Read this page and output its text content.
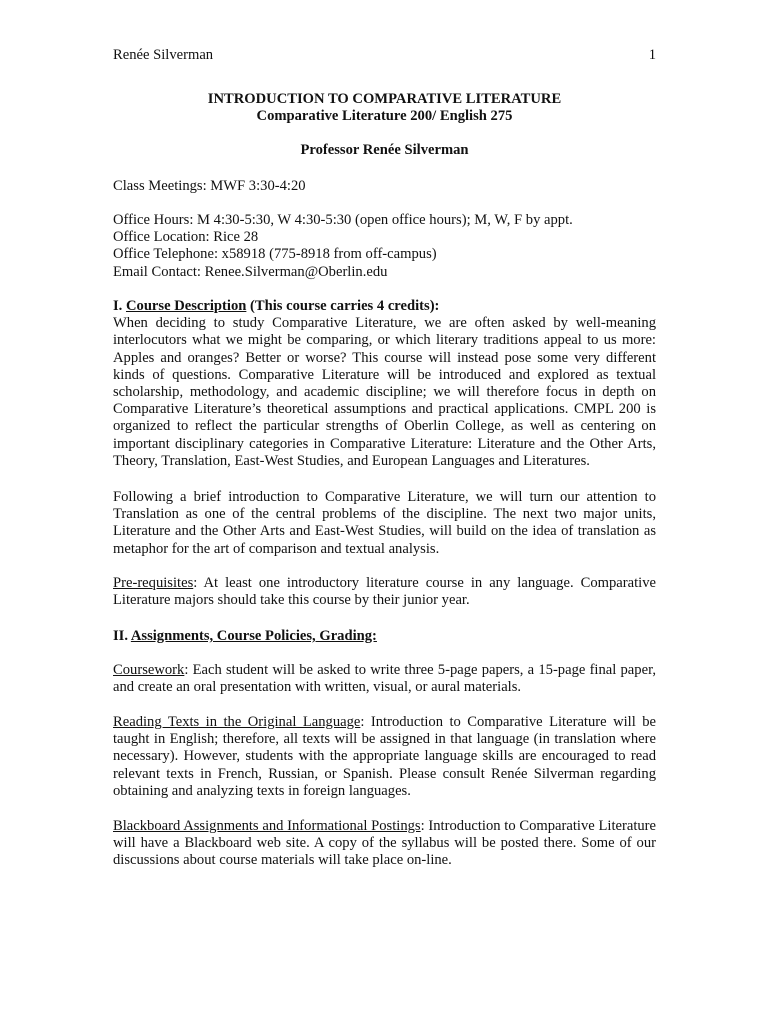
Renée Silverman	1
INTRODUCTION TO COMPARATIVE LITERATURE
Comparative Literature 200/ English 275
Professor Renée Silverman

Class Meetings: MWF 3:30-4:20

Office Hours: M 4:30-5:30, W 4:30-5:30 (open office hours); M, W, F by appt.

Office Location: Rice 28

Office Telephone: x58918 (775-8918 from off-campus)

Email Contact: Renee.Silverman@Oberlin.edu

I. Course Description (This course carries 4 credits):

When deciding to study Comparative Literature, we are often asked by well-meaning interlocutors what we might be comparing, or which literary traditions appeal to us more: Apples and oranges? Better or worse? This course will instead pose some very different kinds of questions. Comparative Literature will be introduced and explored as textual scholarship, methodology, and academic discipline; we will therefore focus in depth on Comparative Literature’s theoretical assumptions and practical applications. CMPL 200 is organized to reflect the particular strengths of Oberlin College, as well as centering on important disciplinary categories in Comparative Literature: Literature and the Other Arts, Theory, Translation, East-West Studies, and European Languages and Literatures.

Following a brief introduction to Comparative Literature, we will turn our attention to Translation as one of the central problems of the discipline. The next two major units, Literature and the Other Arts and East-West Studies, will build on the idea of translation as metaphor for the art of comparison and textual analysis.

Pre-requisites: At least one introductory literature course in any language. Comparative Literature majors should take this course by their junior year.

II. Assignments, Course Policies, Grading:

Coursework: Each student will be asked to write three 5-page papers, a 15-page final paper, and create an oral presentation with written, visual, or aural materials.

Reading Texts in the Original Language: Introduction to Comparative Literature will be taught in English; therefore, all texts will be assigned in that language (in translation where necessary). However, students with the appropriate language skills are encouraged to read relevant texts in French, Russian, or Spanish. Please consult Renée Silverman regarding obtaining and analyzing texts in foreign languages.

Blackboard Assignments and Informational Postings: Introduction to Comparative Literature will have a Blackboard web site. A copy of the syllabus will be posted there. Some of our discussions about course materials will take place on-line.
